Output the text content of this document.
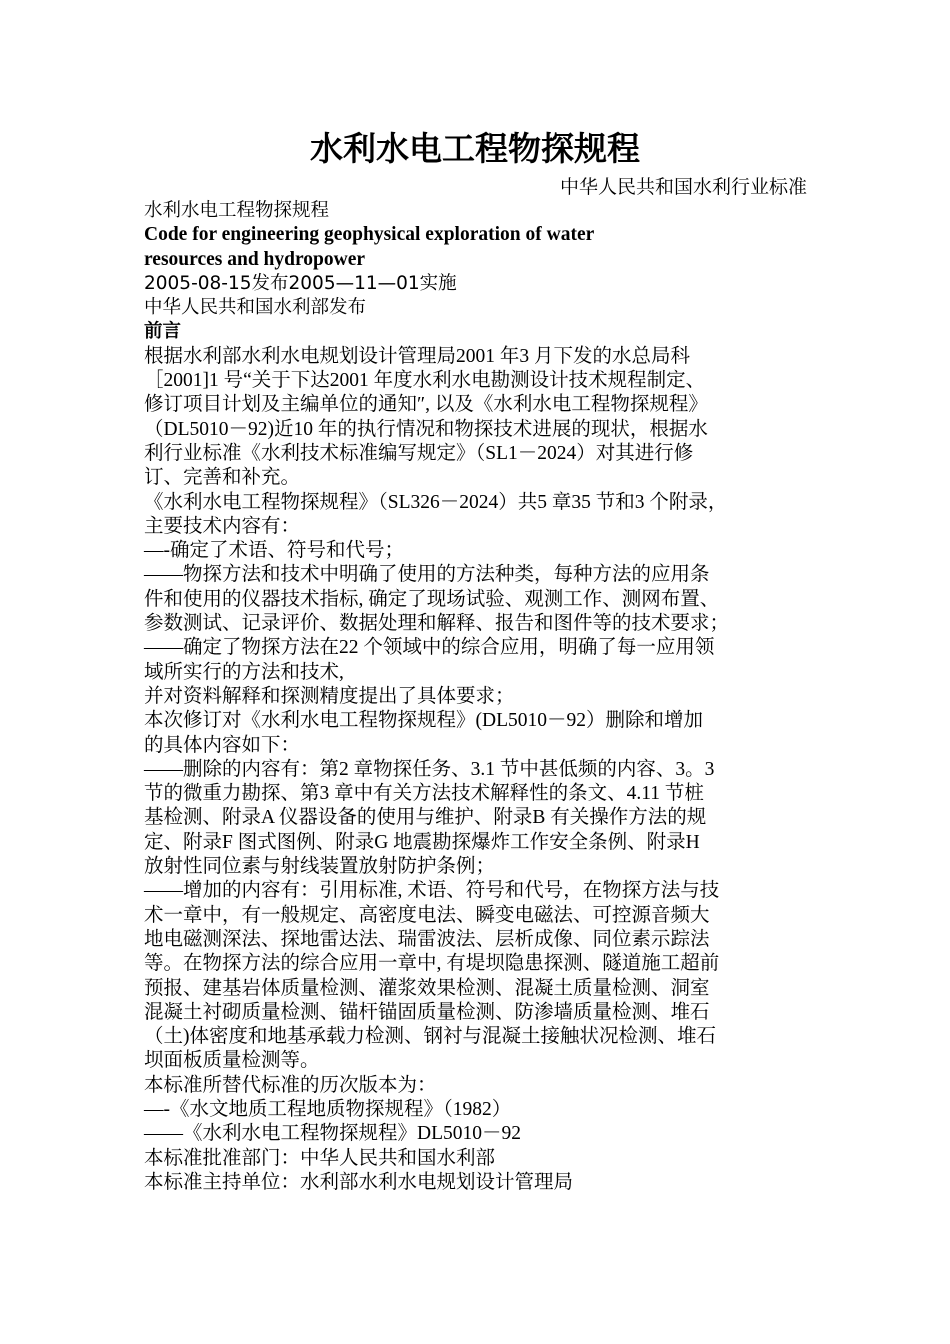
水利水电工程物探规程
中华人民共和国水利行业标准
水利水电工程物探规程
Code for engineering geophysical exploration of water
resources and hydropower
2005-08-15发布2005—11—01实施
中华人民共和国水利部发布
前言
根据水利部水利水电规划设计管理局2001 年3 月下发的水总局科
［2001]1 号“关于下达2001 年度水利水电勘测设计技术规程制定、
修订项目计划及主编单位的通知″, 以及《水利水电工程物探规程》
（DL5010－92)近10 年的执行情况和物探技术进展的现状，根据水
利行业标准《水利技术标准编写规定》（SL1－2024）对其进行修
订、完善和补充。
《水利水电工程物探规程》（SL326－2024）共5 章35 节和3 个附录，
主要技术内容有：
—-确定了术语、符号和代号；
——物探方法和技术中明确了使用的方法种类，每种方法的应用条
件和使用的仪器技术指标, 确定了现场试验、观测工作、测网布置、
参数测试、记录评价、数据处理和解释、报告和图件等的技术要求；
——确定了物探方法在22 个领域中的综合应用，明确了每一应用领
域所实行的方法和技术,
并对资料解释和探测精度提出了具体要求；
本次修订对《水利水电工程物探规程》(DL5010－92）删除和增加
的具体内容如下：
——删除的内容有：第2 章物探任务、3.1 节中甚低频的内容、3。3
节的微重力勘探、第3 章中有关方法技术解释性的条文、4.11 节桩
基检测、附录A 仪器设备的使用与维护、附录B 有关操作方法的规
定、附录F 图式图例、附录G 地震勘探爆炸工作安全条例、附录H
放射性同位素与射线装置放射防护条例；
——增加的内容有：引用标准, 术语、符号和代号，在物探方法与技
术一章中，有一般规定、高密度电法、瞬变电磁法、可控源音频大
地电磁测深法、探地雷达法、瑞雷波法、层析成像、同位素示踪法
等。在物探方法的综合应用一章中, 有堤坝隐患探测、隧道施工超前
预报、建基岩体质量检测、灌浆效果检测、混凝土质量检测、洞室
混凝土衬砌质量检测、锚杆锚固质量检测、防渗墙质量检测、堆石
（土)体密度和地基承载力检测、钢衬与混凝土接触状况检测、堆石
坝面板质量检测等。
本标准所替代标准的历次版本为：
—-《水文地质工程地质物探规程》（1982）
——《水利水电工程物探规程》DL5010－92
本标准批准部门：中华人民共和国水利部
本标准主持单位：水利部水利水电规划设计管理局
